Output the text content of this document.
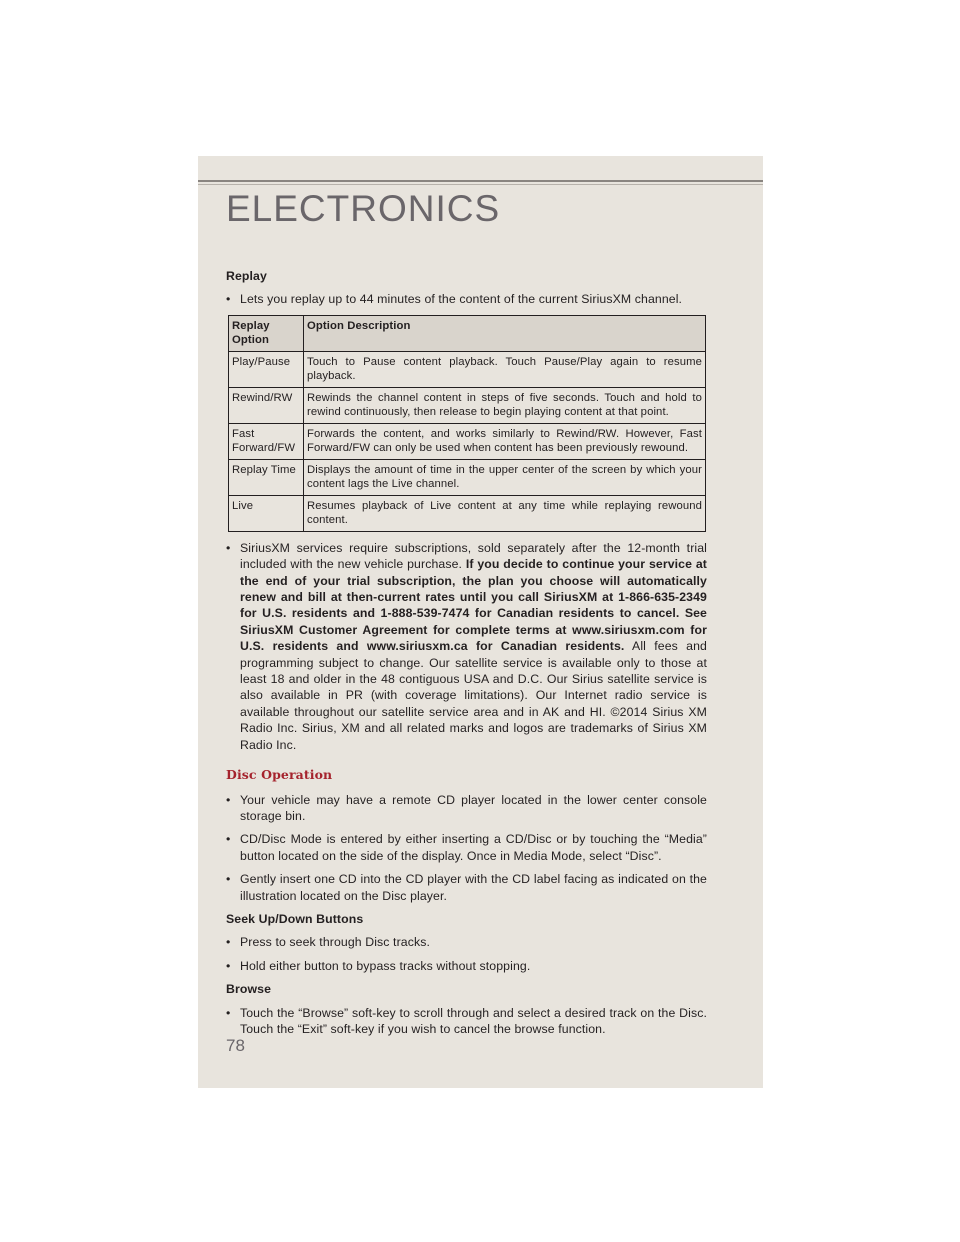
ELECTRONICS
Replay
• Lets you replay up to 44 minutes of the content of the current SiriusXM channel.
Replay Option	Option Description
Play/Pause	Touch to Pause content playback. Touch Pause/Play again to resume playback.
Rewind/RW	Rewinds the channel content in steps of five seconds. Touch and hold to rewind continuously, then release to begin playing content at that point.
Fast Forward/FW	Forwards the content, and works similarly to Rewind/RW. However, Fast Forward/FW can only be used when content has been previously rewound.
Replay Time	Displays the amount of time in the upper center of the screen by which your content lags the Live channel.
Live	Resumes playback of Live content at any time while replaying rewound content.
• SiriusXM services require subscriptions, sold separately after the 12-month trial included with the new vehicle purchase. If you decide to continue your service at the end of your trial subscription, the plan you choose will automatically renew and bill at then-current rates until you call SiriusXM at 1-866-635-2349 for U.S. residents and 1-888-539-7474 for Canadian residents to cancel. See SiriusXM Customer Agreement for complete terms at www.siriusxm.com for U.S. residents and www.siriusxm.ca for Canadian residents. All fees and programming subject to change. Our satellite service is available only to those at least 18 and older in the 48 contiguous USA and D.C. Our Sirius satellite service is also available in PR (with coverage limitations). Our Internet radio service is available throughout our satellite service area and in AK and HI. ©2014 Sirius XM Radio Inc. Sirius, XM and all related marks and logos are trademarks of Sirius XM Radio Inc.
Disc Operation
• Your vehicle may have a remote CD player located in the lower center console storage bin.
• CD/Disc Mode is entered by either inserting a CD/Disc or by touching the “Media” button located on the side of the display. Once in Media Mode, select “Disc”.
• Gently insert one CD into the CD player with the CD label facing as indicated on the illustration located on the Disc player.
Seek Up/Down Buttons
• Press to seek through Disc tracks.
• Hold either button to bypass tracks without stopping.
Browse
• Touch the “Browse” soft-key to scroll through and select a desired track on the Disc. Touch the “Exit” soft-key if you wish to cancel the browse function.
78
